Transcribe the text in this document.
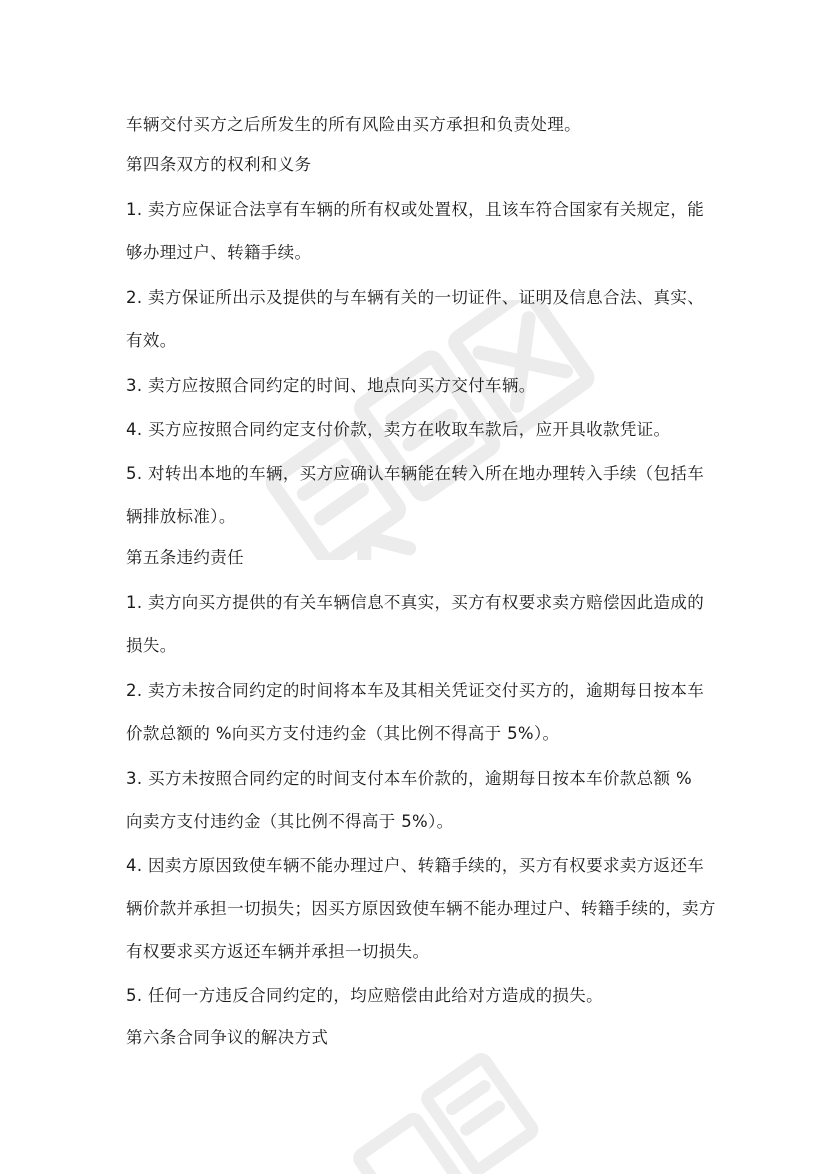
车辆交付买方之后所发生的所有风险由买方承担和负责处理。
第四条双方的权利和义务
1. 卖方应保证合法享有车辆的所有权或处置权，且该车符合国家有关规定，能
够办理过户、转籍手续。
2. 卖方保证所出示及提供的与车辆有关的一切证件、证明及信息合法、真实、
有效。
3. 卖方应按照合同约定的时间、地点向买方交付车辆。
4. 买方应按照合同约定支付价款，卖方在收取车款后，应开具收款凭证。
5. 对转出本地的车辆，买方应确认车辆能在转入所在地办理转入手续（包括车
辆排放标准）。
第五条违约责任
1. 卖方向买方提供的有关车辆信息不真实，买方有权要求卖方赔偿因此造成的
损失。
2. 卖方未按合同约定的时间将本车及其相关凭证交付买方的，逾期每日按本车
价款总额的 %向买方支付违约金（其比例不得高于 5%）。
3. 买方未按照合同约定的时间支付本车价款的，逾期每日按本车价款总额 %
向卖方支付违约金（其比例不得高于 5%）。
4. 因卖方原因致使车辆不能办理过户、转籍手续的，买方有权要求卖方返还车
辆价款并承担一切损失；因买方原因致使车辆不能办理过户、转籍手续的，卖方
有权要求买方返还车辆并承担一切损失。
5. 任何一方违反合同约定的，均应赔偿由此给对方造成的损失。
第六条合同争议的解决方式
